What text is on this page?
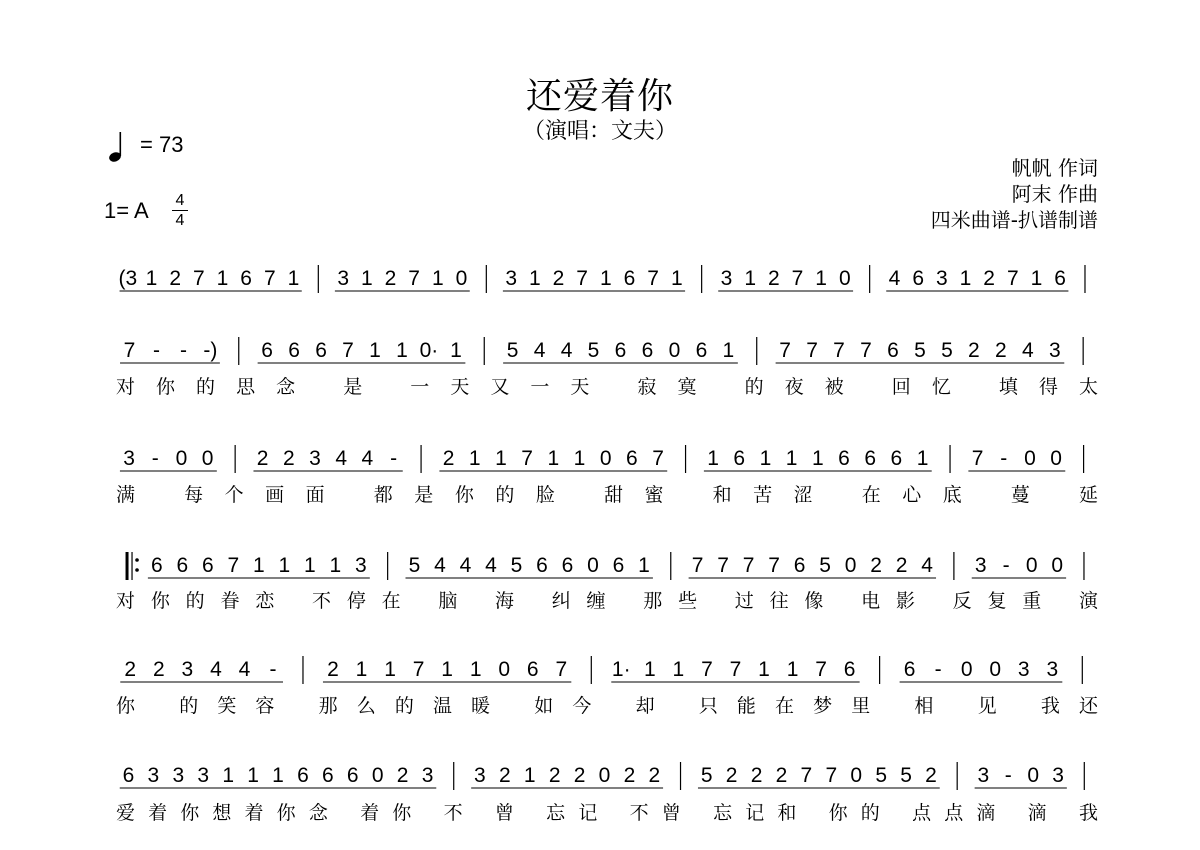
还爱着你
（演唱：文夫）
= 73
1= A	4
4
帆帆 作词
阿末 作曲
四米曲谱-扒谱制谱
(3 1 2 7 1 6 7 1 3 1 2 7 1 0 3 1 2 7 1 6 7 1 3 1 2 7 1 0 4 6 3 1 2 7 1 6
7 - - -) 6 6 6 7 1 1 0· 1 5 4 4 5 6 6 0 6 1 7 7 7 7 6 5 5 2 2 4 3
对你的思念 是 一天又一天 寂寞 的夜被 回忆 填得太
3 - 0 0 2 2 3 4 4 - 2 1 1 7 1 1 0 6 7 1 6 1 1 1 6 6 6 1 7 - 0 0
满 每个画面 都是你的脸 甜蜜 和苦涩 在心底 蔓 延
6 6 6 7 1 1 1 1 3 5 4 4 4 5 6 6 0 6 1 7 7 7 7 6 5 0 2 2 4 3 - 0 0
对你的眷恋 不停在 脑 海 纠缠 那些 过往像 电影 反复重 演
2 2 3 4 4 - 2 1 1 7 1 1 0 6 7 1· 1 1 7 7 1 1 7 6 6 - 0 0 3 3
你 的笑容 那么的温暖 如今 却 只能在梦里 相 见 我还
6 3 3 3 1 1 1 6 6 6 0 2 3 3 2 1 2 2 0 2 2 5 2 2 2 7 7 0 5 5 2 3 - 0 3
爱着你想着你念 着你 不 曾 忘记 不曾 忘记和 你的 点点滴 滴 我
